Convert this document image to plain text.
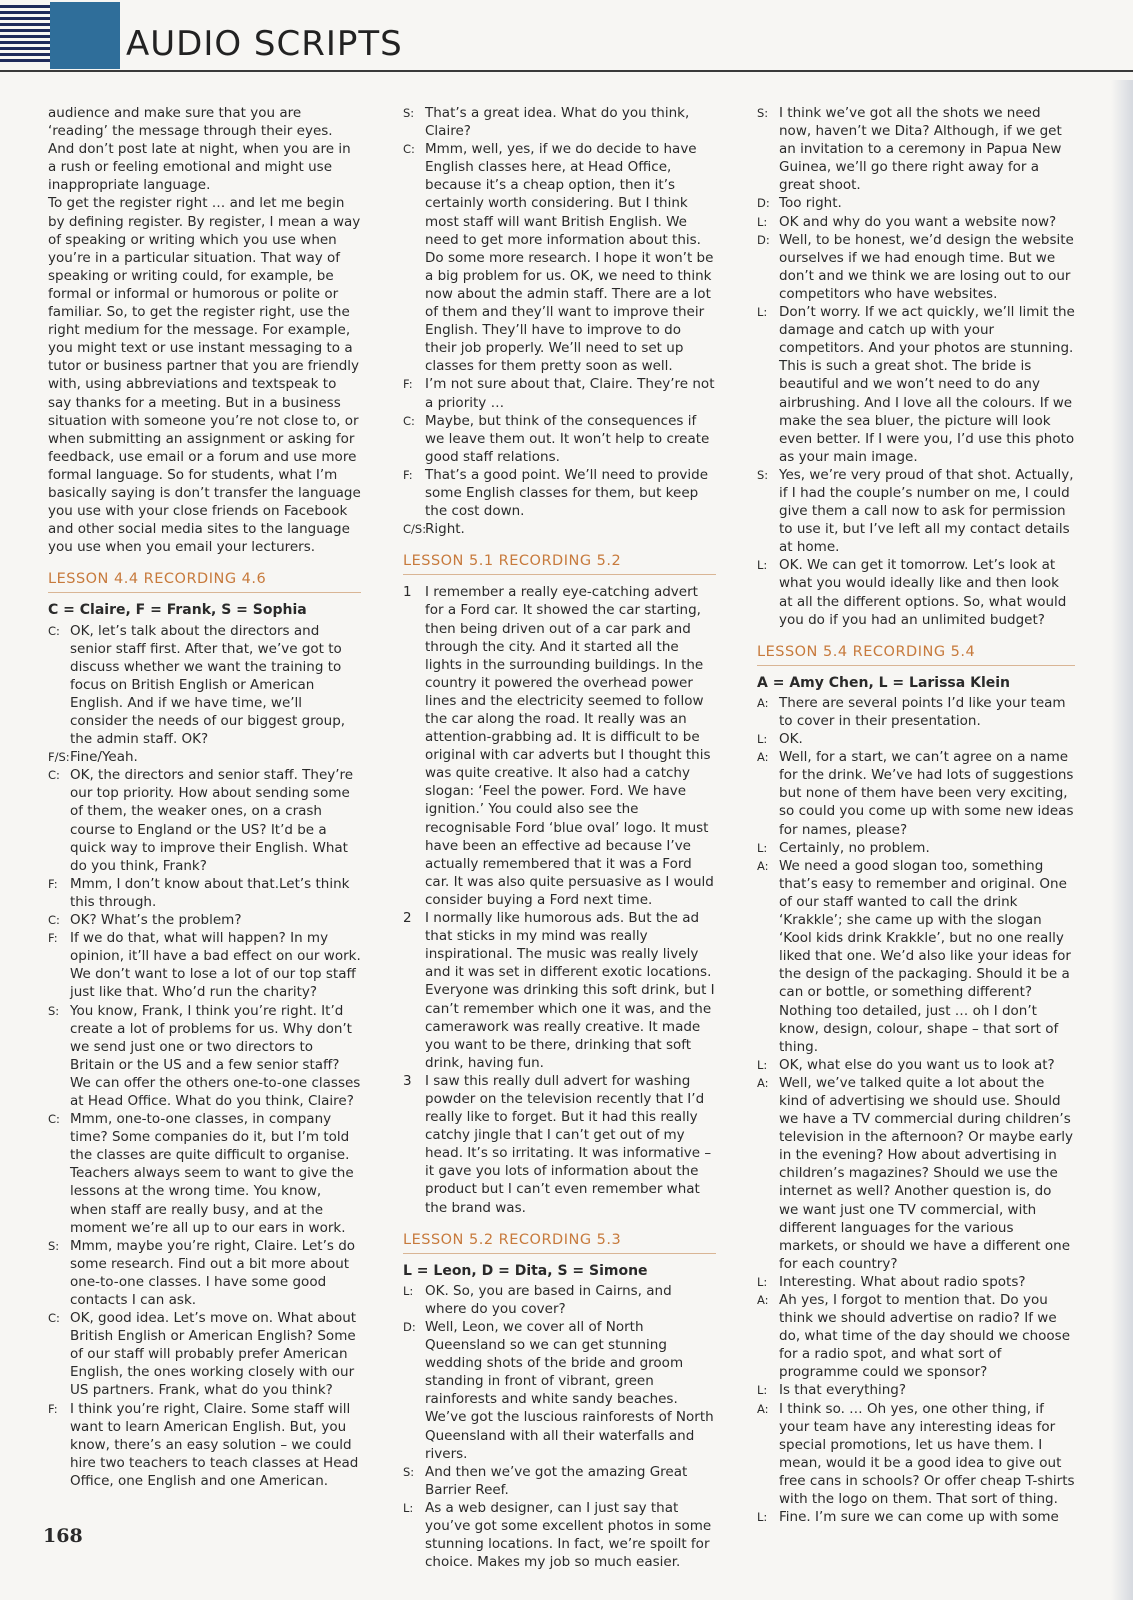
AUDIO SCRIPTS

audience and make sure that you are ‘reading’ the message through their eyes. And don’t post late at night, when you are in a rush or feeling emotional and might use inappropriate language.

To get the register right … and let me begin by defining register. By register, I mean a way of speaking or writing which you use when you’re in a particular situation. That way of speaking or writing could, for example, be formal or informal or humorous or polite or familiar. So, to get the register right, use the right medium for the message. For example, you might text or use instant messaging to a tutor or business partner that you are friendly with, using abbreviations and textspeak to say thanks for a meeting. But in a business situation with someone you’re not close to, or when submitting an assignment or asking for feedback, use email or a forum and use more formal language. So for students, what I’m basically saying is don’t transfer the language you use with your close friends on Facebook and other social media sites to the language you use when you email your lecturers.

LESSON 4.4 RECORDING 4.6
C = Claire, F = Frank, S = Sophia

C: OK, let’s talk about the directors and senior staff first. After that, we’ve got to discuss whether we want the training to focus on British English or American English. And if we have time, we’ll consider the needs of our biggest group, the admin staff. OK?

F/S:Fine/Yeah.

C: OK, the directors and senior staff. They’re our top priority. How about sending some of them, the weaker ones, on a crash course to England or the US? It’d be a quick way to improve their English. What do you think, Frank?

F: Mmm, I don’t know about that.Let’s think this through.

C: OK? What’s the problem?

F: If we do that, what will happen? In my opinion, it’ll have a bad effect on our work. We don’t want to lose a lot of our top staff just like that. Who’d run the charity?

S: You know, Frank, I think you’re right. It’d create a lot of problems for us. Why don’t we send just one or two directors to Britain or the US and a few senior staff? We can offer the others one-to-one classes at Head Office. What do you think, Claire?

C: Mmm, one-to-one classes, in company time? Some companies do it, but I’m told the classes are quite difficult to organise. Teachers always seem to want to give the lessons at the wrong time. You know, when staff are really busy, and at the moment we’re all up to our ears in work.

S: Mmm, maybe you’re right, Claire. Let’s do some research. Find out a bit more about one-to-one classes. I have some good contacts I can ask.

C: OK, good idea. Let’s move on. What about British English or American English? Some of our staff will probably prefer American English, the ones working closely with our US partners. Frank, what do you think?

F: I think you’re right, Claire. Some staff will want to learn American English. But, you know, there’s an easy solution – we could hire two teachers to teach classes at Head Office, one English and one American.

S: That’s a great idea. What do you think, Claire?

C: Mmm, well, yes, if we do decide to have English classes here, at Head Office, because it’s a cheap option, then it’s certainly worth considering. But I think most staff will want British English. We need to get more information about this. Do some more research. I hope it won’t be a big problem for us. OK, we need to think now about the admin staff. There are a lot of them and they’ll want to improve their English. They’ll have to improve to do their job properly. We’ll need to set up classes for them pretty soon as well.

F: I’m not sure about that, Claire. They’re not a priority …

C: Maybe, but think of the consequences if we leave them out. It won’t help to create good staff relations.

F: That’s a good point. We’ll need to provide some English classes for them, but keep the cost down.

C/S:Right.

LESSON 5.1 RECORDING 5.2

1 I remember a really eye-catching advert for a Ford car. It showed the car starting, then being driven out of a car park and through the city. And it started all the lights in the surrounding buildings. In the country it powered the overhead power lines and the electricity seemed to follow the car along the road. It really was an attention-grabbing ad. It is difficult to be original with car adverts but I thought this was quite creative. It also had a catchy slogan: ‘Feel the power. Ford. We have ignition.’ You could also see the recognisable Ford ‘blue oval’ logo. It must have been an effective ad because I’ve actually remembered that it was a Ford car. It was also quite persuasive as I would consider buying a Ford next time.

2 I normally like humorous ads. But the ad that sticks in my mind was really inspirational. The music was really lively and it was set in different exotic locations. Everyone was drinking this soft drink, but I can’t remember which one it was, and the camerawork was really creative. It made you want to be there, drinking that soft drink, having fun.

3 I saw this really dull advert for washing powder on the television recently that I’d really like to forget. But it had this really catchy jingle that I can’t get out of my head. It’s so irritating. It was informative – it gave you lots of information about the product but I can’t even remember what the brand was.

LESSON 5.2 RECORDING 5.3
L = Leon, D = Dita, S = Simone

L: OK. So, you are based in Cairns, and where do you cover?

D: Well, Leon, we cover all of North Queensland so we can get stunning wedding shots of the bride and groom standing in front of vibrant, green rainforests and white sandy beaches. We’ve got the luscious rainforests of North Queensland with all their waterfalls and rivers.

S: And then we’ve got the amazing Great Barrier Reef.

L: As a web designer, can I just say that you’ve got some excellent photos in some stunning locations. In fact, we’re spoilt for choice. Makes my job so much easier.

S: I think we’ve got all the shots we need now, haven’t we Dita? Although, if we get an invitation to a ceremony in Papua New Guinea, we’ll go there right away for a great shoot.

D: Too right.

L: OK and why do you want a website now?

D: Well, to be honest, we’d design the website ourselves if we had enough time. But we don’t and we think we are losing out to our competitors who have websites.

L: Don’t worry. If we act quickly, we’ll limit the damage and catch up with your competitors. And your photos are stunning. This is such a great shot. The bride is beautiful and we won’t need to do any airbrushing. And I love all the colours. If we make the sea bluer, the picture will look even better. If I were you, I’d use this photo as your main image.

S: Yes, we’re very proud of that shot. Actually, if I had the couple’s number on me, I could give them a call now to ask for permission to use it, but I’ve left all my contact details at home.

L: OK. We can get it tomorrow. Let’s look at what you would ideally like and then look at all the different options. So, what would you do if you had an unlimited budget?

LESSON 5.4 RECORDING 5.4
A = Amy Chen, L = Larissa Klein

A: There are several points I’d like your team to cover in their presentation.

L: OK.

A: Well, for a start, we can’t agree on a name for the drink. We’ve had lots of suggestions but none of them have been very exciting, so could you come up with some new ideas for names, please?

L: Certainly, no problem.

A: We need a good slogan too, something that’s easy to remember and original. One of our staff wanted to call the drink ‘Krakkle’; she came up with the slogan ‘Kool kids drink Krakkle’, but no one really liked that one. We’d also like your ideas for the design of the packaging. Should it be a can or bottle, or something different? Nothing too detailed, just … oh I don’t know, design, colour, shape – that sort of thing.

L: OK, what else do you want us to look at?

A: Well, we’ve talked quite a lot about the kind of advertising we should use. Should we have a TV commercial during children’s television in the afternoon? Or maybe early in the evening? How about advertising in children’s magazines? Should we use the internet as well? Another question is, do we want just one TV commercial, with different languages for the various markets, or should we have a different one for each country?

L: Interesting. What about radio spots?

A: Ah yes, I forgot to mention that. Do you think we should advertise on radio? If we do, what time of the day should we choose for a radio spot, and what sort of programme could we sponsor?

L: Is that everything?

A: I think so. … Oh yes, one other thing, if your team have any interesting ideas for special promotions, let us have them. I mean, would it be a good idea to give out free cans in schools? Or offer cheap T-shirts with the logo on them. That sort of thing.

L: Fine. I’m sure we can come up with some

168
